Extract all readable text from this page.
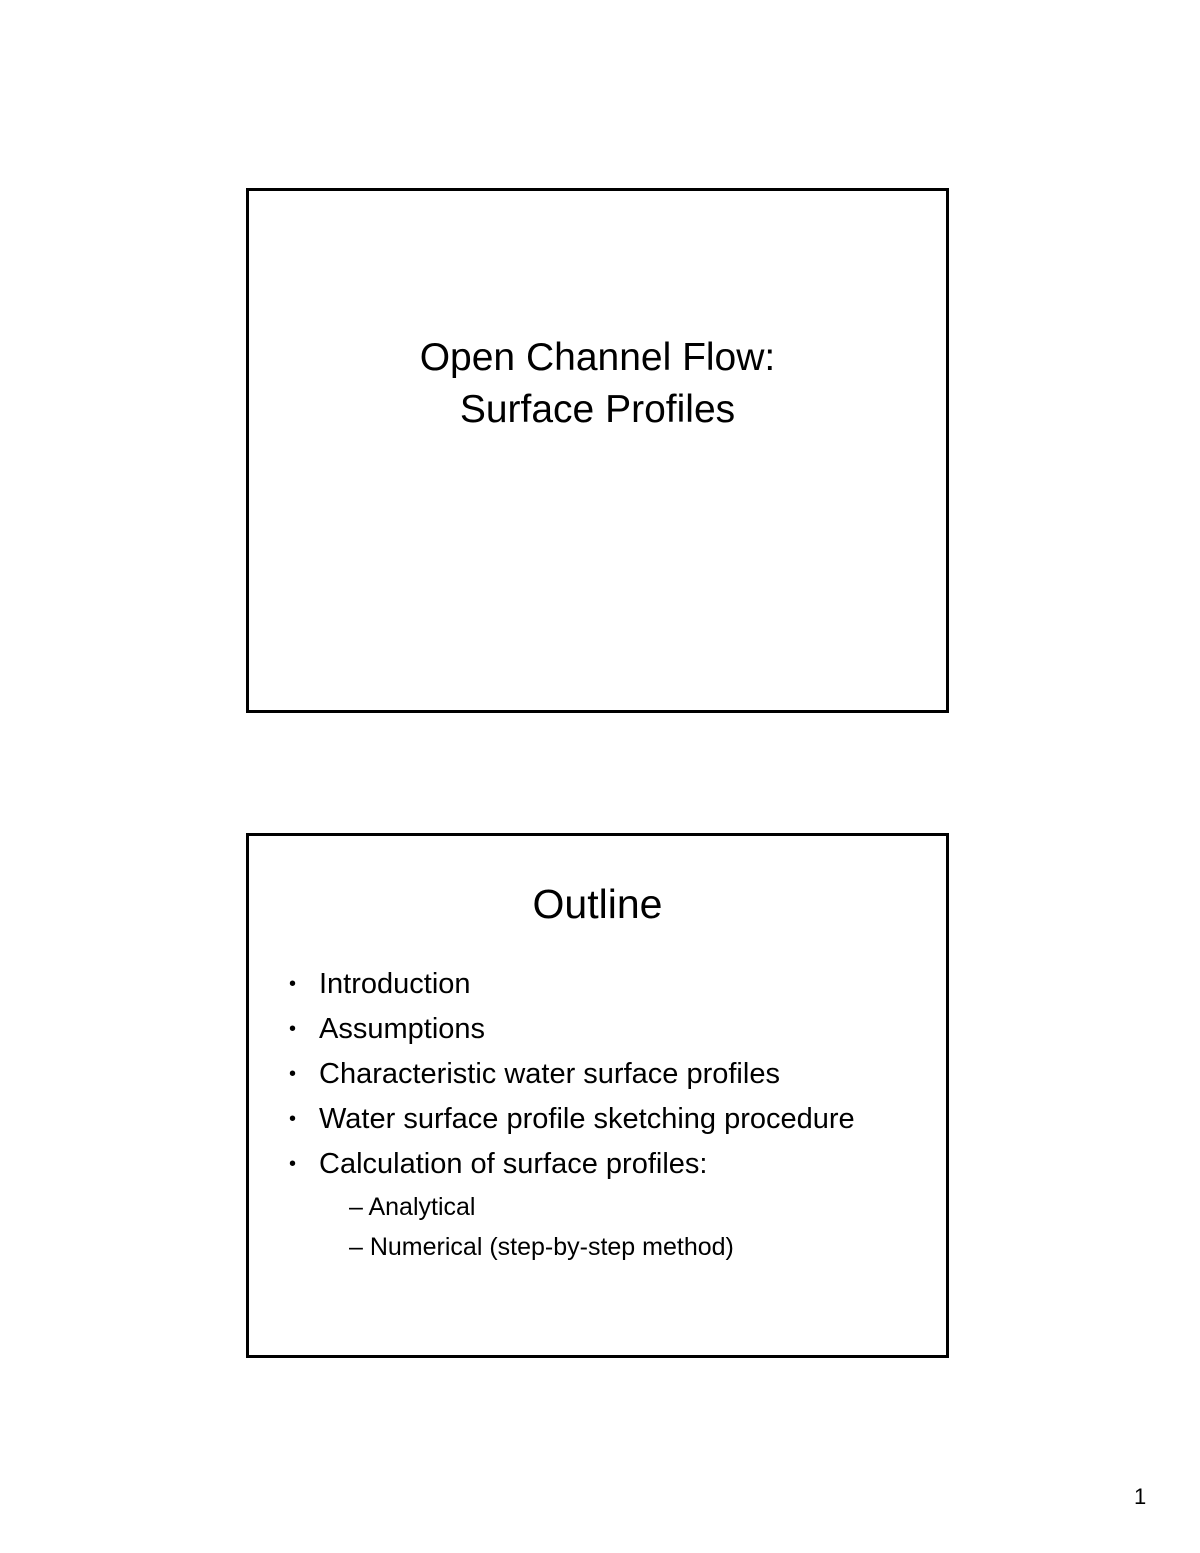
Open Channel Flow:
Surface Profiles
Outline
• Introduction
• Assumptions
• Characteristic water surface profiles
• Water surface profile sketching procedure
• Calculation of surface profiles:
– Analytical
– Numerical (step-by-step method)
1
